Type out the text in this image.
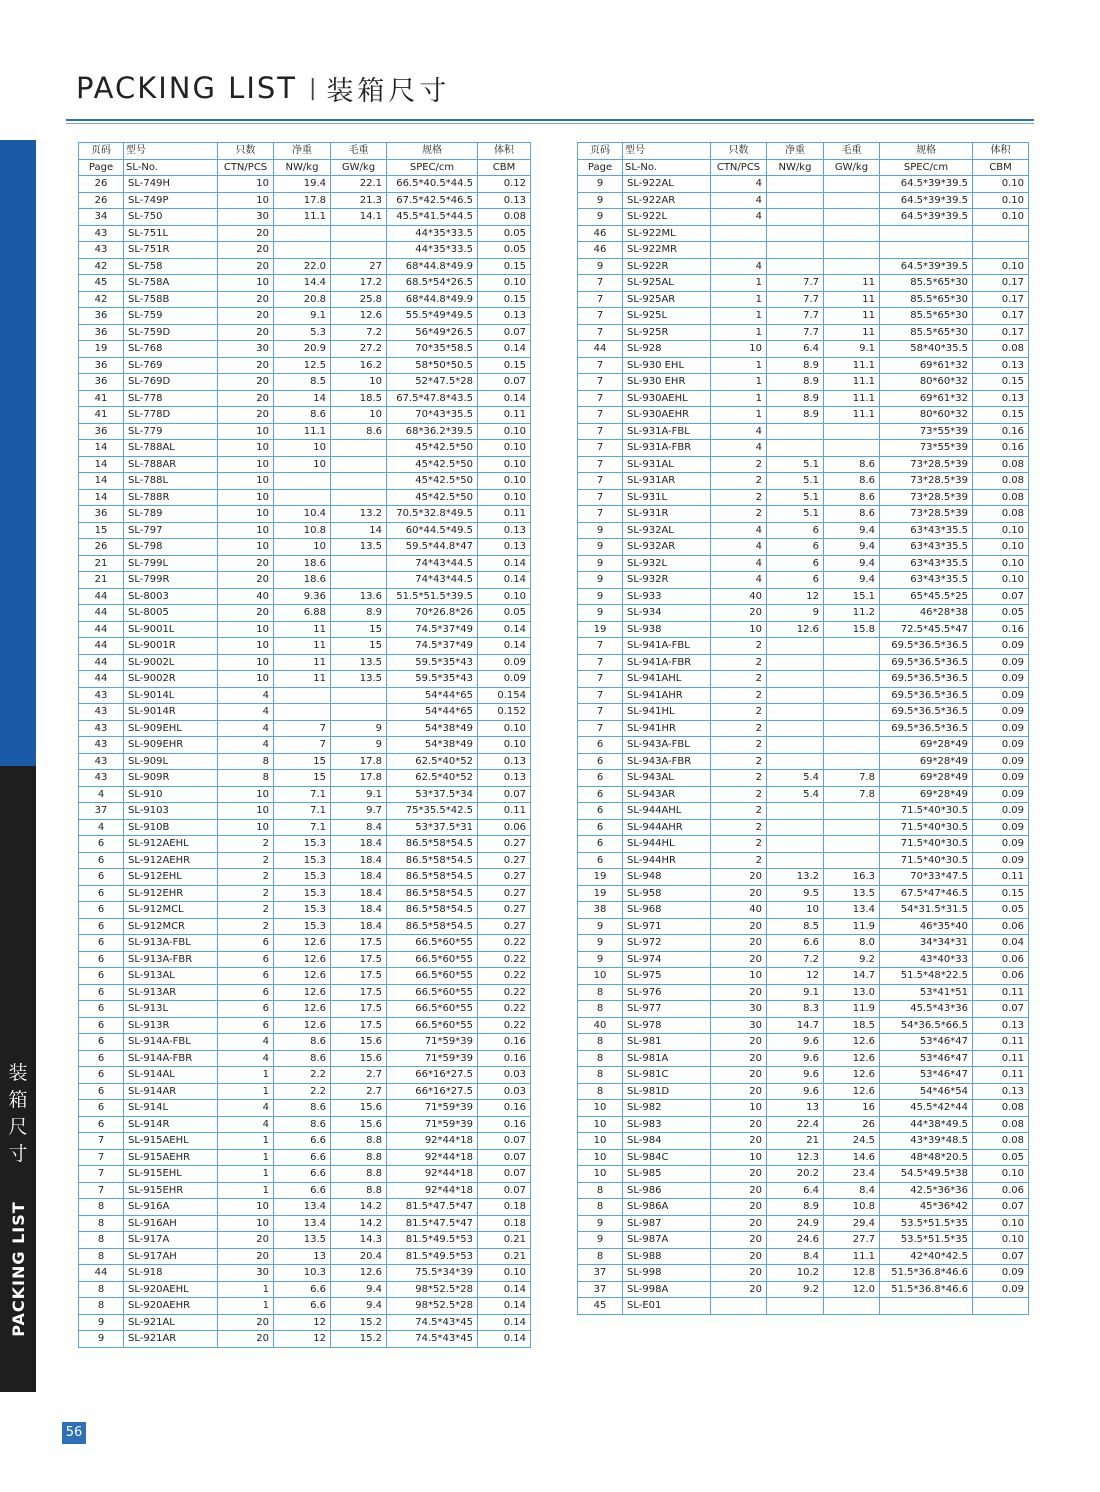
PACKING LIST | 装箱尺寸
装
箱
尺
寸
PACKING LIST
页码	型号	只数	净重	毛重	规格	体积
Page	SL-No.	CTN/PCS	NW/kg	GW/kg	SPEC/cm	CBM
26	SL-749H	10	19.4	22.1	66.5*40.5*44.5	0.12
26	SL-749P	10	17.8	21.3	67.5*42.5*46.5	0.13
34	SL-750	30	11.1	14.1	45.5*41.5*44.5	0.08
43	SL-751L	20			44*35*33.5	0.05
43	SL-751R	20			44*35*33.5	0.05
42	SL-758	20	22.0	27	68*44.8*49.9	0.15
45	SL-758A	10	14.4	17.2	68.5*54*26.5	0.10
42	SL-758B	20	20.8	25.8	68*44.8*49.9	0.15
36	SL-759	20	9.1	12.6	55.5*49*49.5	0.13
36	SL-759D	20	5.3	7.2	56*49*26.5	0.07
19	SL-768	30	20.9	27.2	70*35*58.5	0.14
36	SL-769	20	12.5	16.2	58*50*50.5	0.15
36	SL-769D	20	8.5	10	52*47.5*28	0.07
41	SL-778	20	14	18.5	67.5*47.8*43.5	0.14
41	SL-778D	20	8.6	10	70*43*35.5	0.11
36	SL-779	10	11.1	8.6	68*36.2*39.5	0.10
14	SL-788AL	10	10		45*42.5*50	0.10
14	SL-788AR	10	10		45*42.5*50	0.10
14	SL-788L	10			45*42.5*50	0.10
14	SL-788R	10			45*42.5*50	0.10
36	SL-789	10	10.4	13.2	70.5*32.8*49.5	0.11
15	SL-797	10	10.8	14	60*44.5*49.5	0.13
26	SL-798	10	10	13.5	59.5*44.8*47	0.13
21	SL-799L	20	18.6		74*43*44.5	0.14
21	SL-799R	20	18.6		74*43*44.5	0.14
44	SL-8003	40	9.36	13.6	51.5*51.5*39.5	0.10
44	SL-8005	20	6.88	8.9	70*26.8*26	0.05
44	SL-9001L	10	11	15	74.5*37*49	0.14
44	SL-9001R	10	11	15	74.5*37*49	0.14
44	SL-9002L	10	11	13.5	59.5*35*43	0.09
44	SL-9002R	10	11	13.5	59.5*35*43	0.09
43	SL-9014L	4			54*44*65	0.154
43	SL-9014R	4			54*44*65	0.152
43	SL-909EHL	4	7	9	54*38*49	0.10
43	SL-909EHR	4	7	9	54*38*49	0.10
43	SL-909L	8	15	17.8	62.5*40*52	0.13
43	SL-909R	8	15	17.8	62.5*40*52	0.13
4	SL-910	10	7.1	9.1	53*37.5*34	0.07
37	SL-9103	10	7.1	9.7	75*35.5*42.5	0.11
4	SL-910B	10	7.1	8.4	53*37.5*31	0.06
6	SL-912AEHL	2	15.3	18.4	86.5*58*54.5	0.27
6	SL-912AEHR	2	15.3	18.4	86.5*58*54.5	0.27
6	SL-912EHL	2	15.3	18.4	86.5*58*54.5	0.27
6	SL-912EHR	2	15.3	18.4	86.5*58*54.5	0.27
6	SL-912MCL	2	15.3	18.4	86.5*58*54.5	0.27
6	SL-912MCR	2	15.3	18.4	86.5*58*54.5	0.27
6	SL-913A-FBL	6	12.6	17.5	66.5*60*55	0.22
6	SL-913A-FBR	6	12.6	17.5	66.5*60*55	0.22
6	SL-913AL	6	12.6	17.5	66.5*60*55	0.22
6	SL-913AR	6	12.6	17.5	66.5*60*55	0.22
6	SL-913L	6	12.6	17.5	66.5*60*55	0.22
6	SL-913R	6	12.6	17.5	66.5*60*55	0.22
6	SL-914A-FBL	4	8.6	15.6	71*59*39	0.16
6	SL-914A-FBR	4	8.6	15.6	71*59*39	0.16
6	SL-914AL	1	2.2	2.7	66*16*27.5	0.03
6	SL-914AR	1	2.2	2.7	66*16*27.5	0.03
6	SL-914L	4	8.6	15.6	71*59*39	0.16
6	SL-914R	4	8.6	15.6	71*59*39	0.16
7	SL-915AEHL	1	6.6	8.8	92*44*18	0.07
7	SL-915AEHR	1	6.6	8.8	92*44*18	0.07
7	SL-915EHL	1	6.6	8.8	92*44*18	0.07
7	SL-915EHR	1	6.6	8.8	92*44*18	0.07
8	SL-916A	10	13.4	14.2	81.5*47.5*47	0.18
8	SL-916AH	10	13.4	14.2	81.5*47.5*47	0.18
8	SL-917A	20	13.5	14.3	81.5*49.5*53	0.21
8	SL-917AH	20	13	20.4	81.5*49.5*53	0.21
44	SL-918	30	10.3	12.6	75.5*34*39	0.10
8	SL-920AEHL	1	6.6	9.4	98*52.5*28	0.14
8	SL-920AEHR	1	6.6	9.4	98*52.5*28	0.14
9	SL-921AL	20	12	15.2	74.5*43*45	0.14
9	SL-921AR	20	12	15.2	74.5*43*45	0.14
页码	型号	只数	净重	毛重	规格	体积
Page	SL-No.	CTN/PCS	NW/kg	GW/kg	SPEC/cm	CBM
9	SL-922AL	4			64.5*39*39.5	0.10
9	SL-922AR	4			64.5*39*39.5	0.10
9	SL-922L	4			64.5*39*39.5	0.10
46	SL-922ML					
46	SL-922MR					
9	SL-922R	4			64.5*39*39.5	0.10
7	SL-925AL	1	7.7	11	85.5*65*30	0.17
7	SL-925AR	1	7.7	11	85.5*65*30	0.17
7	SL-925L	1	7.7	11	85.5*65*30	0.17
7	SL-925R	1	7.7	11	85.5*65*30	0.17
44	SL-928	10	6.4	9.1	58*40*35.5	0.08
7	SL-930 EHL	1	8.9	11.1	69*61*32	0.13
7	SL-930 EHR	1	8.9	11.1	80*60*32	0.15
7	SL-930AEHL	1	8.9	11.1	69*61*32	0.13
7	SL-930AEHR	1	8.9	11.1	80*60*32	0.15
7	SL-931A-FBL	4			73*55*39	0.16
7	SL-931A-FBR	4			73*55*39	0.16
7	SL-931AL	2	5.1	8.6	73*28.5*39	0.08
7	SL-931AR	2	5.1	8.6	73*28.5*39	0.08
7	SL-931L	2	5.1	8.6	73*28.5*39	0.08
7	SL-931R	2	5.1	8.6	73*28.5*39	0.08
9	SL-932AL	4	6	9.4	63*43*35.5	0.10
9	SL-932AR	4	6	9.4	63*43*35.5	0.10
9	SL-932L	4	6	9.4	63*43*35.5	0.10
9	SL-932R	4	6	9.4	63*43*35.5	0.10
9	SL-933	40	12	15.1	65*45.5*25	0.07
9	SL-934	20	9	11.2	46*28*38	0.05
19	SL-938	10	12.6	15.8	72.5*45.5*47	0.16
7	SL-941A-FBL	2			69.5*36.5*36.5	0.09
7	SL-941A-FBR	2			69.5*36.5*36.5	0.09
7	SL-941AHL	2			69.5*36.5*36.5	0.09
7	SL-941AHR	2			69.5*36.5*36.5	0.09
7	SL-941HL	2			69.5*36.5*36.5	0.09
7	SL-941HR	2			69.5*36.5*36.5	0.09
6	SL-943A-FBL	2			69*28*49	0.09
6	SL-943A-FBR	2			69*28*49	0.09
6	SL-943AL	2	5.4	7.8	69*28*49	0.09
6	SL-943AR	2	5.4	7.8	69*28*49	0.09
6	SL-944AHL	2			71.5*40*30.5	0.09
6	SL-944AHR	2			71.5*40*30.5	0.09
6	SL-944HL	2			71.5*40*30.5	0.09
6	SL-944HR	2			71.5*40*30.5	0.09
19	SL-948	20	13.2	16.3	70*33*47.5	0.11
19	SL-958	20	9.5	13.5	67.5*47*46.5	0.15
38	SL-968	40	10	13.4	54*31.5*31.5	0.05
9	SL-971	20	8.5	11.9	46*35*40	0.06
9	SL-972	20	6.6	8.0	34*34*31	0.04
9	SL-974	20	7.2	9.2	43*40*33	0.06
10	SL-975	10	12	14.7	51.5*48*22.5	0.06
8	SL-976	20	9.1	13.0	53*41*51	0.11
8	SL-977	30	8.3	11.9	45.5*43*36	0.07
40	SL-978	30	14.7	18.5	54*36.5*66.5	0.13
8	SL-981	20	9.6	12.6	53*46*47	0.11
8	SL-981A	20	9.6	12.6	53*46*47	0.11
8	SL-981C	20	9.6	12.6	53*46*47	0.11
8	SL-981D	20	9.6	12.6	54*46*54	0.13
10	SL-982	10	13	16	45.5*42*44	0.08
10	SL-983	20	22.4	26	44*38*49.5	0.08
10	SL-984	20	21	24.5	43*39*48.5	0.08
10	SL-984C	10	12.3	14.6	48*48*20.5	0.05
10	SL-985	20	20.2	23.4	54.5*49.5*38	0.10
8	SL-986	20	6.4	8.4	42.5*36*36	0.06
8	SL-986A	20	8.9	10.8	45*36*42	0.07
9	SL-987	20	24.9	29.4	53.5*51.5*35	0.10
9	SL-987A	20	24.6	27.7	53.5*51.5*35	0.10
8	SL-988	20	8.4	11.1	42*40*42.5	0.07
37	SL-998	20	10.2	12.8	51.5*36.8*46.6	0.09
37	SL-998A	20	9.2	12.0	51.5*36.8*46.6	0.09
45	SL-E01					
56
